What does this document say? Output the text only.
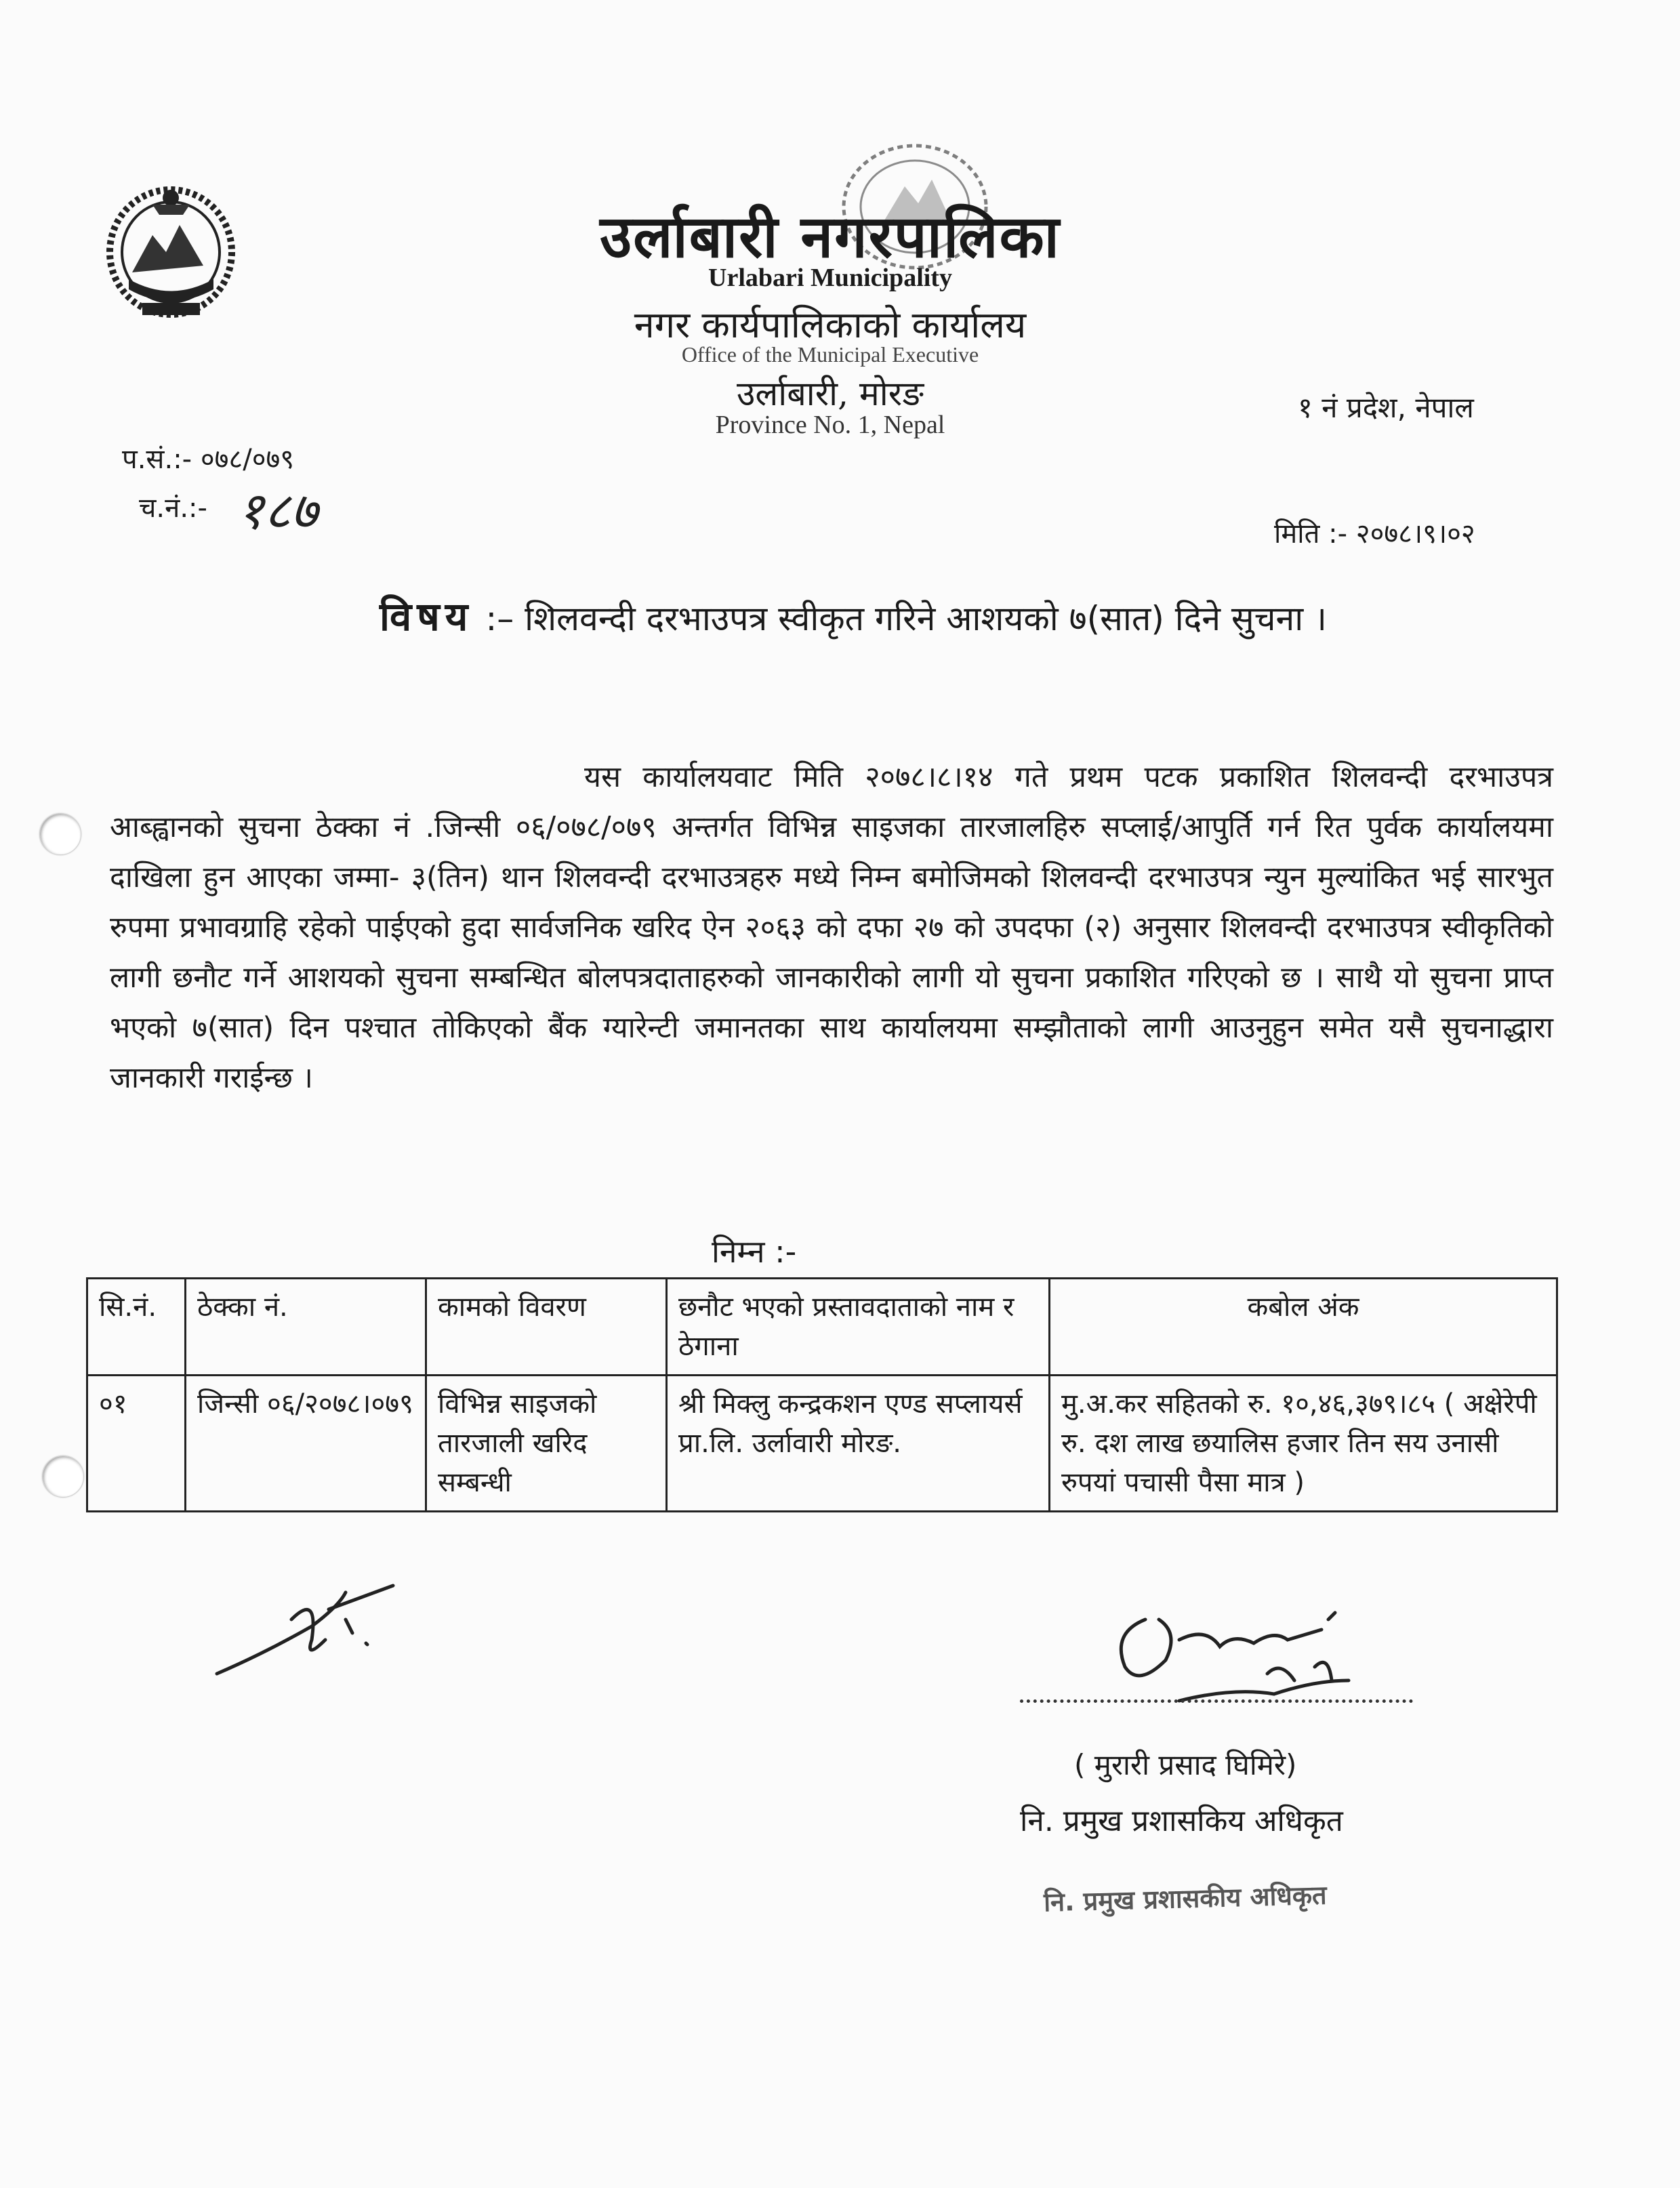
उर्लाबारी नगरपालिका
Urlabari Municipality
नगर कार्यपालिकाको कार्यालय
Office of the Municipal Executive
उर्लाबारी, मोरङ
Province No. 1, Nepal
१ नं प्रदेश, नेपाल
प.सं.:- ०७८/०७९
च.नं.:- १८७	मिति :- २०७८।९।०२
विषय :– शिलवन्दी दरभाउपत्र स्वीकृत गरिने आशयको ७(सात) दिने सुचना ।
यस कार्यालयवाट मिति २०७८।८।१४ गते प्रथम पटक प्रकाशित शिलवन्दी दरभाउपत्र आब्ह्वानको सुचना ठेक्का नं .जिन्सी ०६/०७८/०७९ अन्तर्गत विभिन्न साइजका तारजालहिरु सप्लाई/आपुर्ति गर्न रित पुर्वक कार्यालयमा दाखिला हुन आएका जम्मा- ३(तिन) थान शिलवन्दी दरभाउत्रहरु मध्ये निम्न बमोजिमको शिलवन्दी दरभाउपत्र न्युन मुल्यांकित भई सारभुत रुपमा प्रभावग्राहि रहेको पाईएको हुदा सार्वजनिक खरिद ऐन २०६३ को दफा २७ को उपदफा (२) अनुसार शिलवन्दी दरभाउपत्र स्वीकृतिको लागी छनौट गर्ने आशयको सुचना सम्बन्धित बोलपत्रदाताहरुको जानकारीको लागी यो सुचना प्रकाशित गरिएको छ । साथै यो सुचना प्राप्त भएको ७(सात) दिन पश्चात तोकिएको बैंक ग्यारेन्टी जमानतका साथ कार्यालयमा सम्झौताको लागी आउनुहुन समेत यसै सुचनाद्धारा जानकारी गराईन्छ ।
निम्न :-
सि.नं.	ठेक्का नं.	कामको विवरण	छनौट भएको प्रस्तावदाताको नाम र ठेगाना	कबोल अंक
०१	जिन्सी ०६/२०७८।०७९	विभिन्न साइजको तारजाली खरिद सम्बन्धी	श्री मिक्लु कन्द्रकशन एण्ड सप्लायर्स प्रा.लि. उर्लावारी मोरङ.	मु.अ.कर सहितको रु. १०,४६,३७९।८५ ( अक्षेरेपी रु. दश लाख छयालिस हजार तिन सय उनासी रुपयां पचासी पैसा मात्र )
( मुरारी प्रसाद घिमिरे)
नि. प्रमुख प्रशासकिय अधिकृत
नि. प्रमुख प्रशासकीय अधिकृत
